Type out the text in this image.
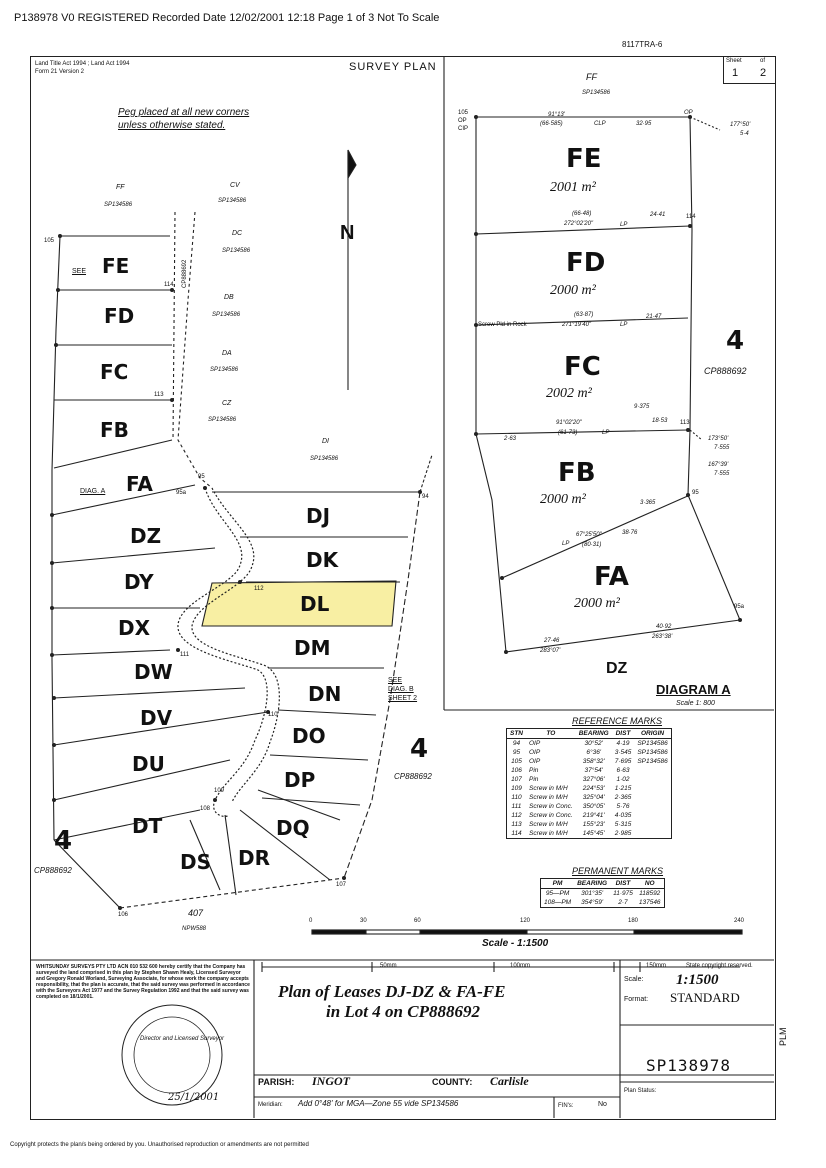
P138978 V0 REGISTERED Recorded Date 12/02/2001 12:18 Page 1 of 3 Not To Scale
8117TRA-6
Land Title Act 1994 ; Land Act 1994
Form 21 Version 2	SURVEY PLAN	Sheet	of
1 2
Peg placed at all new corners unless otherwise stated.
N
FF
SP134586
CV
SP134586
DC
SP134586
DB
SP134586
DA
SP134586
CZ
SP134586
DI
SP134586
FE
FD
FC
FB
FA
DZ
DY
DX
DW
DV
DU
DT
DS DR
DQ
DP
DO
DN
DM
DL
DK
DJ
SEE
DIAG. A
SEE
DIAG. B
SHEET 2
4
CP888692
4
CP888692
407
NPW588
105
114
113
95
95a
112
111
110
109
108
107
106
94
CP888692
0	30	60	120	180	240
Scale - 1:1500
FF
SP134586
FE
2001 m²
FD
2000 m²
FC
2002 m²
FB
2000 m²
FA
2000 m²
DZ
4
CP888692
DIAGRAM A
Scale 1: 800
91°13'
(66·585)	CLP	32·95
OP
(66·48)
272°02'20"	LP
(63·87)
271°19'40"	LP
Screw Pld in Rock
91°02'20"
(61·73)	LP
24·41
21·47
18·53
3·365
38·76
67°25'50"
(80·31)
LP
27·46
283°07'
40·92
263°38'
177°50'
5·4
173°50'
7·555
167°39'
7·555
2·63
9·375
105
OP
CIP
114
113
95
95a
REFERENCE MARKS
STN	TO	BEARING	DIST	ORIGIN
94	OIP	30°52'	4·19	SP134586
95	OIP	6°36'	3·545	SP134586
105	OIP	358°32'	7·695	SP134586
106	Pin	37°54'	6·63	
107	Pin	327°06'	1·02	
109	Screw in M/H	224°53'	1·215	
110	Screw in M/H	325°04'	2·365	
111	Screw in Conc.	350°05'	5·76	
112	Screw in Conc.	219°41'	4·035	
113	Screw in M/H	155°23'	5·315	
114	Screw in M/H	145°45'	2·985	
PERMANENT MARKS
PM	BEARING	DIST	NO
95—PM	301°35'	11·975	118592
108—PM	354°59'	2·7	137546
WHITSUNDAY SURVEYS PTY LTD ACN 010 532 600 hereby certify that the Company has surveyed the land comprised in this plan by Stephen Shawn Healy, Licensed Surveyor and Gregory Ronald Worland, Surveying Associate, for whose work the company accepts responsibility, that the plan is accurate, that the said survey was performed in accordance with the Surveyors Act 1977 and the Survey Regulation 1992 and that the said survey was completed on 18/1/2001.
Director and Licensed Surveyor
25/1/2001
50mm	100mm	150mm	State copyright reserved.
Plan of Leases DJ-DZ & FA-FE
in Lot 4 on CP888692
Scale: 1:1500
Format: STANDARD
SP138978
Plan Status:
PARISH: INGOT	COUNTY: Carlisle
Meridian: Add 0°48' for MGA—Zone 55 vide SP134586	FIN's:	No
PLM
Copyright protects the plan/s being ordered by you. Unauthorised reproduction or amendments are not permitted
